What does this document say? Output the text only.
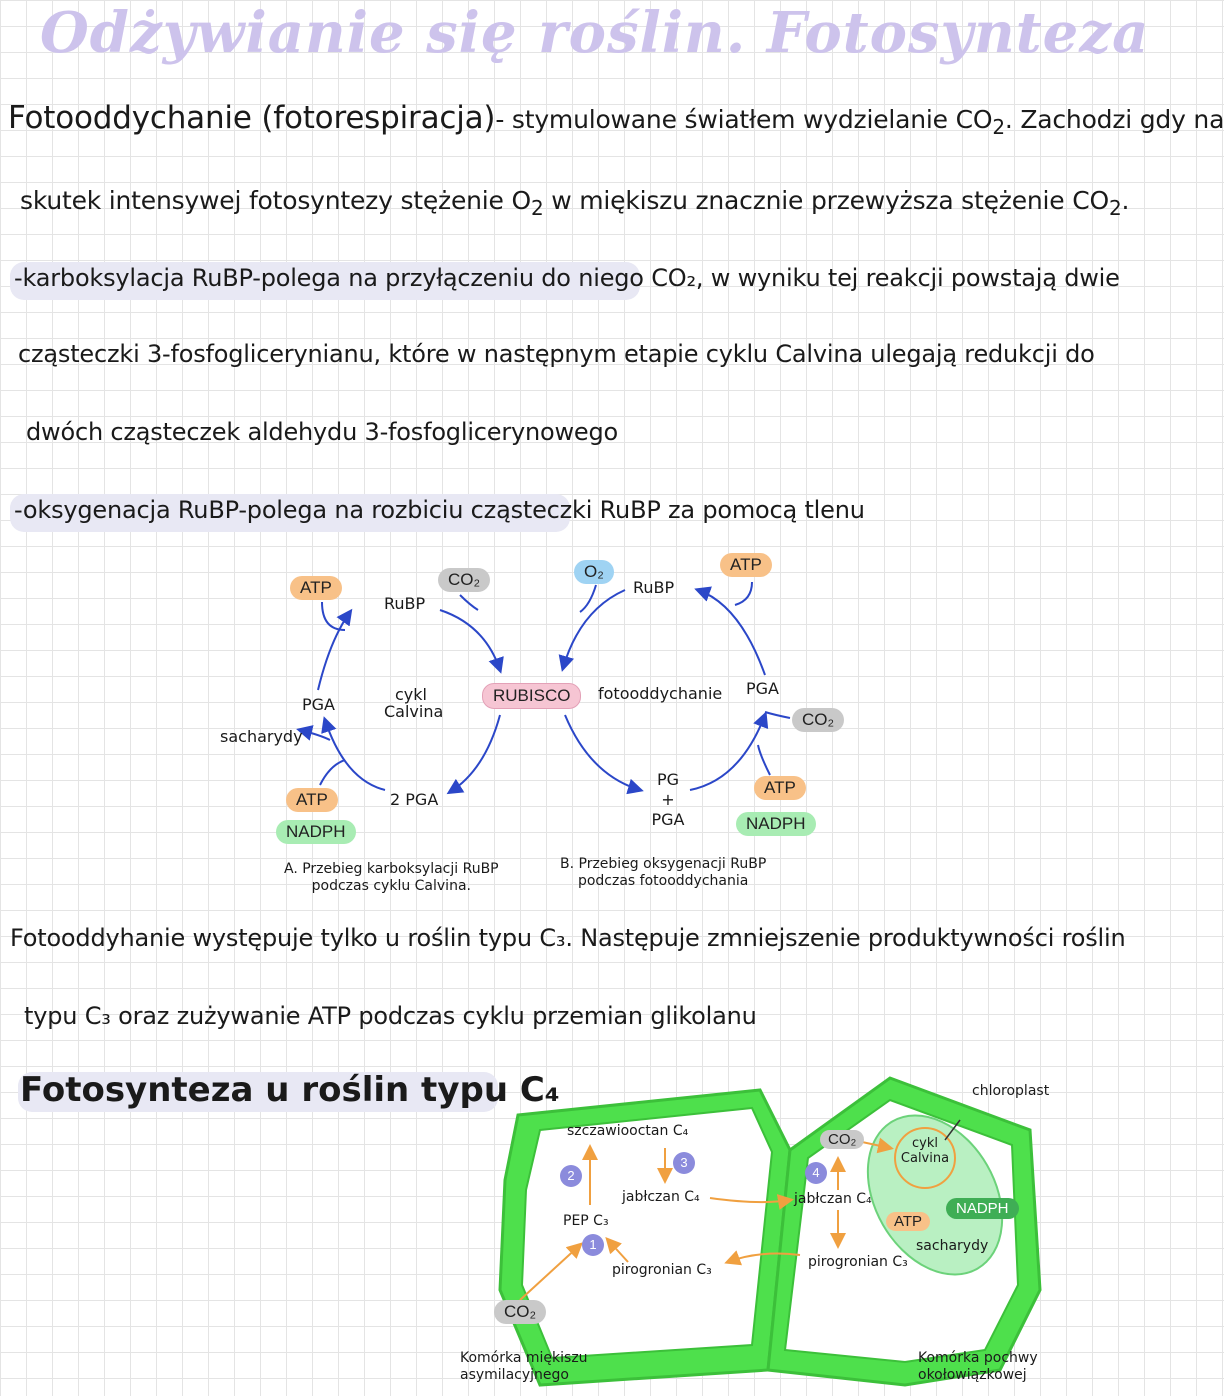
Odżywianie się roślin. Fotosynteza
Fotooddychanie (fotorespiracja)- stymulowane światłem wydzielanie $CO_2$. Zachodzi gdy na
skutek intensywej fotosyntezy stężenie $O_2$ w miękiszu znacznie przewyższa stężenie $CO_2$.
-karboksylacja RuBP-polega na przyłączeniu do niego CO₂, w wyniku tej reakcji powstają dwie
cząsteczki 3-fosfoglicerynianu, które w następnym etapie cyklu Calvina ulegają redukcji do
dwóch cząsteczek aldehydu 3-fosfoglicerynowego
-oksygenacja RuBP-polega na rozbiciu cząsteczki RuBP za pomocą tlenu
ATP	CO₂
RuBP
PGA
cykl Calvina
sacharydy
ATP
NADPH
2 PGA
RUBISCO
O₂
RuBP
ATP
fotooddychanie PGA
CO₂
PG
+
PGA
ATP
NADPH
A. Przebieg karboksylacji RuBP
podczas cyklu Calvina.
B. Przebieg oksygenacji RuBP
podczas fotooddychania
Fotooddyhanie występuje tylko u roślin typu C₃. Następuje zmniejszenie produktywności roślin
typu C₃ oraz zużywanie ATP podczas cyklu przemian glikolanu
Fotosynteza u roślin typu C₄	chloroplast
szczawiooctan C₄
2
3
jabłczan C₄
PEP C₃
1
pirogronian C₃
CO₂
CO₂	cykl Calvina
4
jabłczan C₄
ATP
NADPH
sacharydy
pirogronian C₃
Komórka miękiszu
asymilacyjnego
Komórka pochwy
okołowiązkowej
